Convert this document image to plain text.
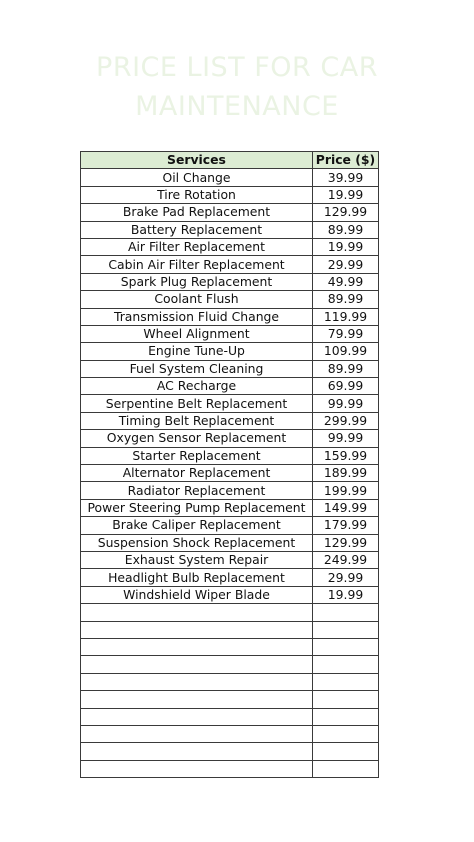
PRICE LIST FOR CAR
MAINTENANCE
Services	Price ($)
Oil Change	39.99
Tire Rotation	19.99
Brake Pad Replacement	129.99
Battery Replacement	89.99
Air Filter Replacement	19.99
Cabin Air Filter Replacement	29.99
Spark Plug Replacement	49.99
Coolant Flush	89.99
Transmission Fluid Change	119.99
Wheel Alignment	79.99
Engine Tune-Up	109.99
Fuel System Cleaning	89.99
AC Recharge	69.99
Serpentine Belt Replacement	99.99
Timing Belt Replacement	299.99
Oxygen Sensor Replacement	99.99
Starter Replacement	159.99
Alternator Replacement	189.99
Radiator Replacement	199.99
Power Steering Pump Replacement	149.99
Brake Caliper Replacement	179.99
Suspension Shock Replacement	129.99
Exhaust System Repair	249.99
Headlight Bulb Replacement	29.99
Windshield Wiper Blade	19.99
